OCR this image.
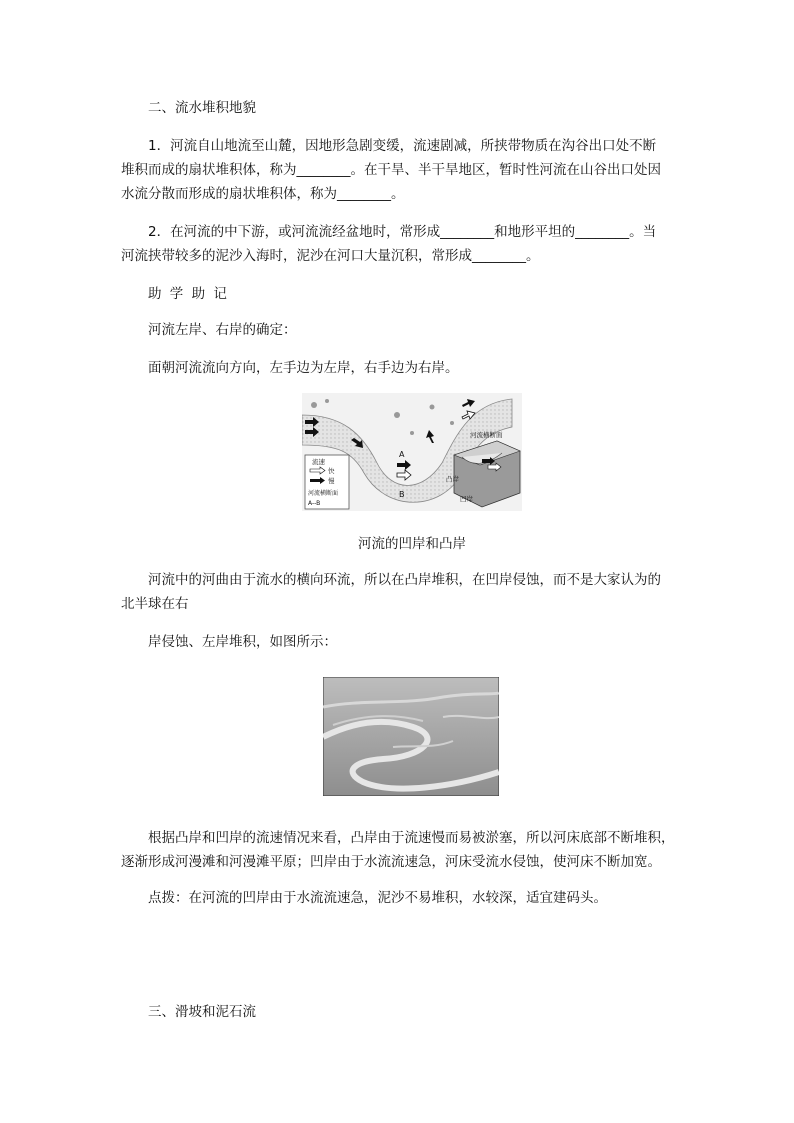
二、流水堆积地貌
1．河流自山地流至山麓，因地形急剧变缓，流速剧减，所挟带物质在沟谷出口处不断
堆积而成的扇状堆积体，称为________。在干旱、半干旱地区，暂时性河流在山谷出口处因
水流分散而形成的扇状堆积体，称为________。
2．在河流的中下游，或河流流经盆地时，常形成________和地形平坦的________。当
河流挟带较多的泥沙入海时，泥沙在河口大量沉积，常形成________。
助 学 助 记
河流左岸、右岸的确定：
面朝河流流向方向，左手边为左岸，右手边为右岸。
A
B
河流横断面
凸岸
凹岸
流速
快
慢
河流横断面
A--B
河流的凹岸和凸岸
河流中的河曲由于流水的横向环流，所以在凸岸堆积，在凹岸侵蚀，而不是大家认为的
北半球在右
岸侵蚀、左岸堆积，如图所示：
根据凸岸和凹岸的流速情况来看，凸岸由于流速慢而易被淤塞，所以河床底部不断堆积，
逐渐形成河漫滩和河漫滩平原；凹岸由于水流流速急，河床受流水侵蚀，使河床不断加宽。
点拨：在河流的凹岸由于水流流速急，泥沙不易堆积，水较深，适宜建码头。
三、滑坡和泥石流
